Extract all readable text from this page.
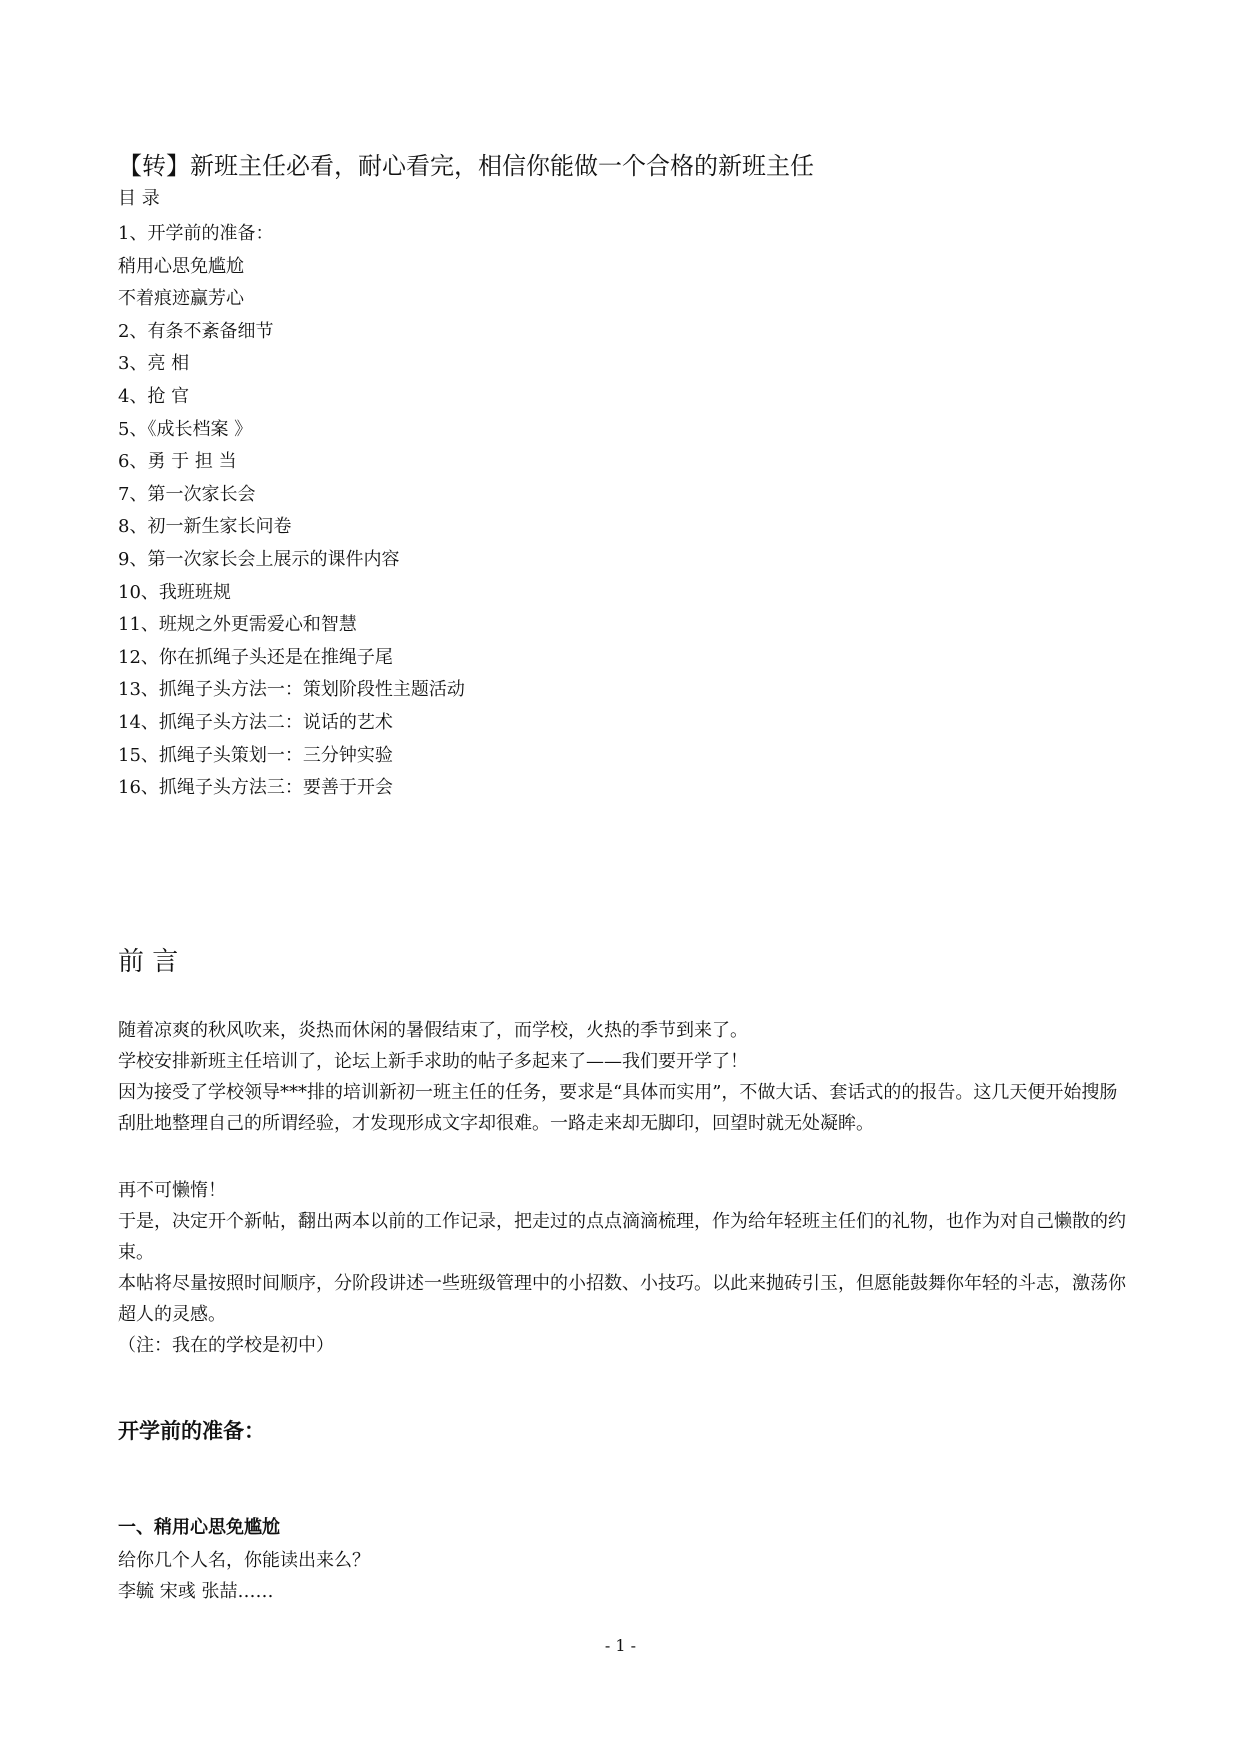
【转】新班主任必看，耐心看完，相信你能做一个合格的新班主任
目 录
1、开学前的准备：
稍用心思免尴尬
不着痕迹赢芳心
2、有条不紊备细节
3、亮 相
4、抢 官
5、《成长档案 》
6、勇 于 担 当
7、第一次家长会
8、初一新生家长问卷
9、第一次家长会上展示的课件内容
10、我班班规
11、班规之外更需爱心和智慧
12、你在抓绳子头还是在推绳子尾
13、抓绳子头方法一：策划阶段性主题活动
14、抓绳子头方法二：说话的艺术
15、抓绳子头策划一：三分钟实验
16、抓绳子头方法三：要善于开会
前 言

随着凉爽的秋风吹来，炎热而休闲的暑假结束了，而学校，火热的季节到来了。

学校安排新班主任培训了，论坛上新手求助的帖子多起来了——我们要开学了！

因为接受了学校领导***排的培训新初一班主任的任务，要求是“具体而实用”，不做大话、套话式的的报告。这几天便开始搜肠刮肚地整理自己的所谓经验，才发现形成文字却很难。一路走来却无脚印，回望时就无处凝眸。

再不可懒惰！

于是，决定开个新帖，翻出两本以前的工作记录，把走过的点点滴滴梳理，作为给年轻班主任们的礼物，也作为对自己懒散的约束。

本帖将尽量按照时间顺序，分阶段讲述一些班级管理中的小招数、小技巧。以此来抛砖引玉，但愿能鼓舞你年轻的斗志，激荡你超人的灵感。

（注：我在的学校是初中）

开学前的准备：
一、稍用心思免尴尬

给你几个人名，你能读出来么？

李毓 宋彧 张喆……

- 1 -
